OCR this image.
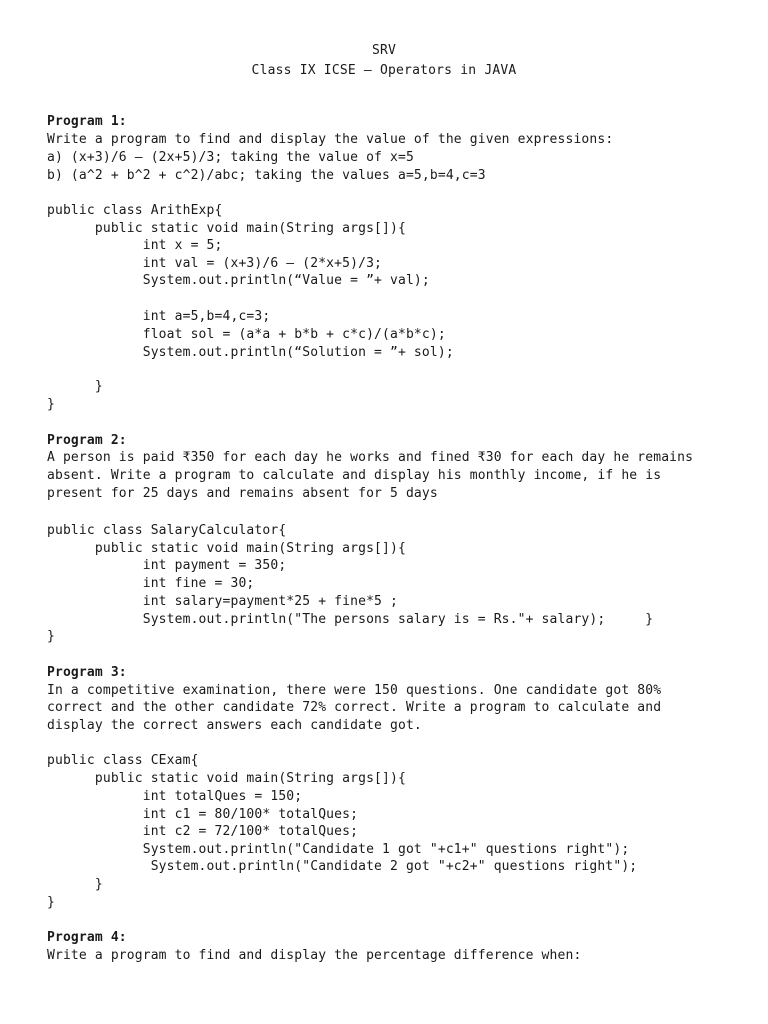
SRV
Class IX ICSE – Operators in JAVA
Program 1:
Write a program to find and display the value of the given expressions:
a) (x+3)/6 – (2x+5)/3; taking the value of x=5
b) (a^2 + b^2 + c^2)/abc; taking the values a=5,b=4,c=3
public class ArithExp{
public static void main(String args[]){
int x = 5;
int val = (x+3)/6 – (2*x+5)/3;
System.out.println(“Value = ”+ val);
int a=5,b=4,c=3;
float sol = (a*a + b*b + c*c)/(a*b*c);
System.out.println(“Solution = ”+ sol);
}
}
Program 2:
A person is paid ₹350 for each day he works and fined ₹30 for each day he remains
absent. Write a program to calculate and display his monthly income, if he is
present for 25 days and remains absent for 5 days
public class SalaryCalculator{
public static void main(String args[]){
int payment = 350;
int fine = 30;
int salary=payment*25 + fine*5 ;
System.out.println("The persons salary is = Rs."+ salary);     }
}
Program 3:
In a competitive examination, there were 150 questions. One candidate got 80%
correct and the other candidate 72% correct. Write a program to calculate and
display the correct answers each candidate got.
public class CExam{
public static void main(String args[]){
int totalQues = 150;
int c1 = 80/100* totalQues;
int c2 = 72/100* totalQues;
System.out.println("Candidate 1 got "+c1+" questions right");
System.out.println("Candidate 2 got "+c2+" questions right");
}
}
Program 4:
Write a program to find and display the percentage difference when:
